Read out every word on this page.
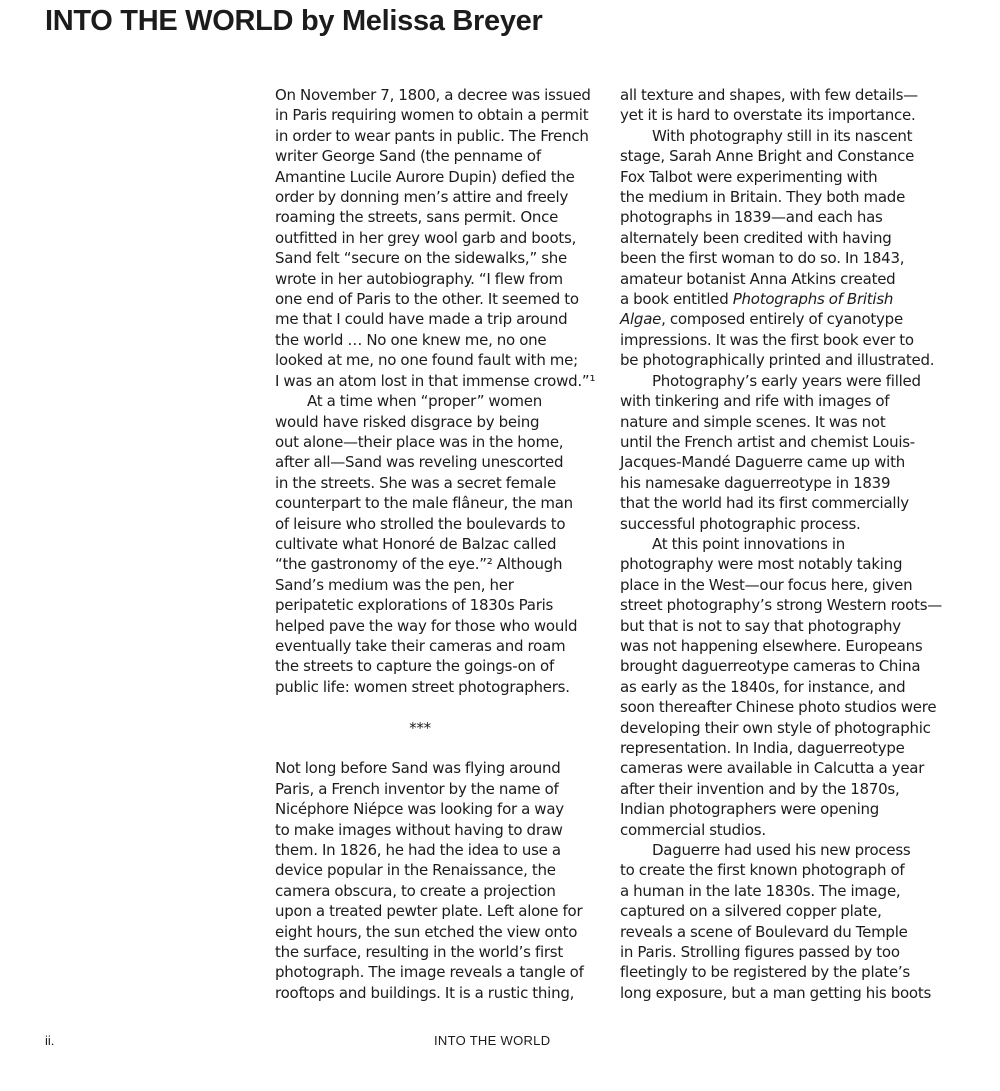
INTO THE WORLD by Melissa Breyer
On November 7, 1800, a decree was issued
in Paris requiring women to obtain a permit
in order to wear pants in public. The French
writer George Sand (the penname of
Amantine Lucile Aurore Dupin) defied the
order by donning men’s attire and freely
roaming the streets, sans permit. Once
outfitted in her grey wool garb and boots,
Sand felt “secure on the sidewalks,” she
wrote in her autobiography. “I flew from
one end of Paris to the other. It seemed to
me that I could have made a trip around
the world … No one knew me, no one
looked at me, no one found fault with me;
I was an atom lost in that immense crowd.”¹
At a time when “proper” women
would have risked disgrace by being
out alone—their place was in the home,
after all—Sand was reveling unescorted
in the streets. She was a secret female
counterpart to the male flâneur, the man
of leisure who strolled the boulevards to
cultivate what Honoré de Balzac called
“the gastronomy of the eye.”² Although
Sand’s medium was the pen, her
peripatetic explorations of 1830s Paris
helped pave the way for those who would
eventually take their cameras and roam
the streets to capture the goings-on of
public life: women street photographers.
***
Not long before Sand was flying around
Paris, a French inventor by the name of
Nicéphore Niépce was looking for a way
to make images without having to draw
them. In 1826, he had the idea to use a
device popular in the Renaissance, the
camera obscura, to create a projection
upon a treated pewter plate. Left alone for
eight hours, the sun etched the view onto
the surface, resulting in the world’s first
photograph. The image reveals a tangle of
rooftops and buildings. It is a rustic thing,
all texture and shapes, with few details—
yet it is hard to overstate its importance.
With photography still in its nascent
stage, Sarah Anne Bright and Constance
Fox Talbot were experimenting with
the medium in Britain. They both made
photographs in 1839—and each has
alternately been credited with having
been the first woman to do so. In 1843,
amateur botanist Anna Atkins created
a book entitled Photographs of British
Algae, composed entirely of cyanotype
impressions. It was the first book ever to
be photographically printed and illustrated.
Photography’s early years were filled
with tinkering and rife with images of
nature and simple scenes. It was not
until the French artist and chemist Louis-
Jacques-Mandé Daguerre came up with
his namesake daguerreotype in 1839
that the world had its first commercially
successful photographic process.
At this point innovations in
photography were most notably taking
place in the West—our focus here, given
street photography’s strong Western roots—
but that is not to say that photography
was not happening elsewhere. Europeans
brought daguerreotype cameras to China
as early as the 1840s, for instance, and
soon thereafter Chinese photo studios were
developing their own style of photographic
representation. In India, daguerreotype
cameras were available in Calcutta a year
after their invention and by the 1870s,
Indian photographers were opening
commercial studios.
Daguerre had used his new process
to create the first known photograph of
a human in the late 1830s. The image,
captured on a silvered copper plate,
reveals a scene of Boulevard du Temple
in Paris. Strolling figures passed by too
fleetingly to be registered by the plate’s
long exposure, but a man getting his boots
ii.	INTO THE WORLD
